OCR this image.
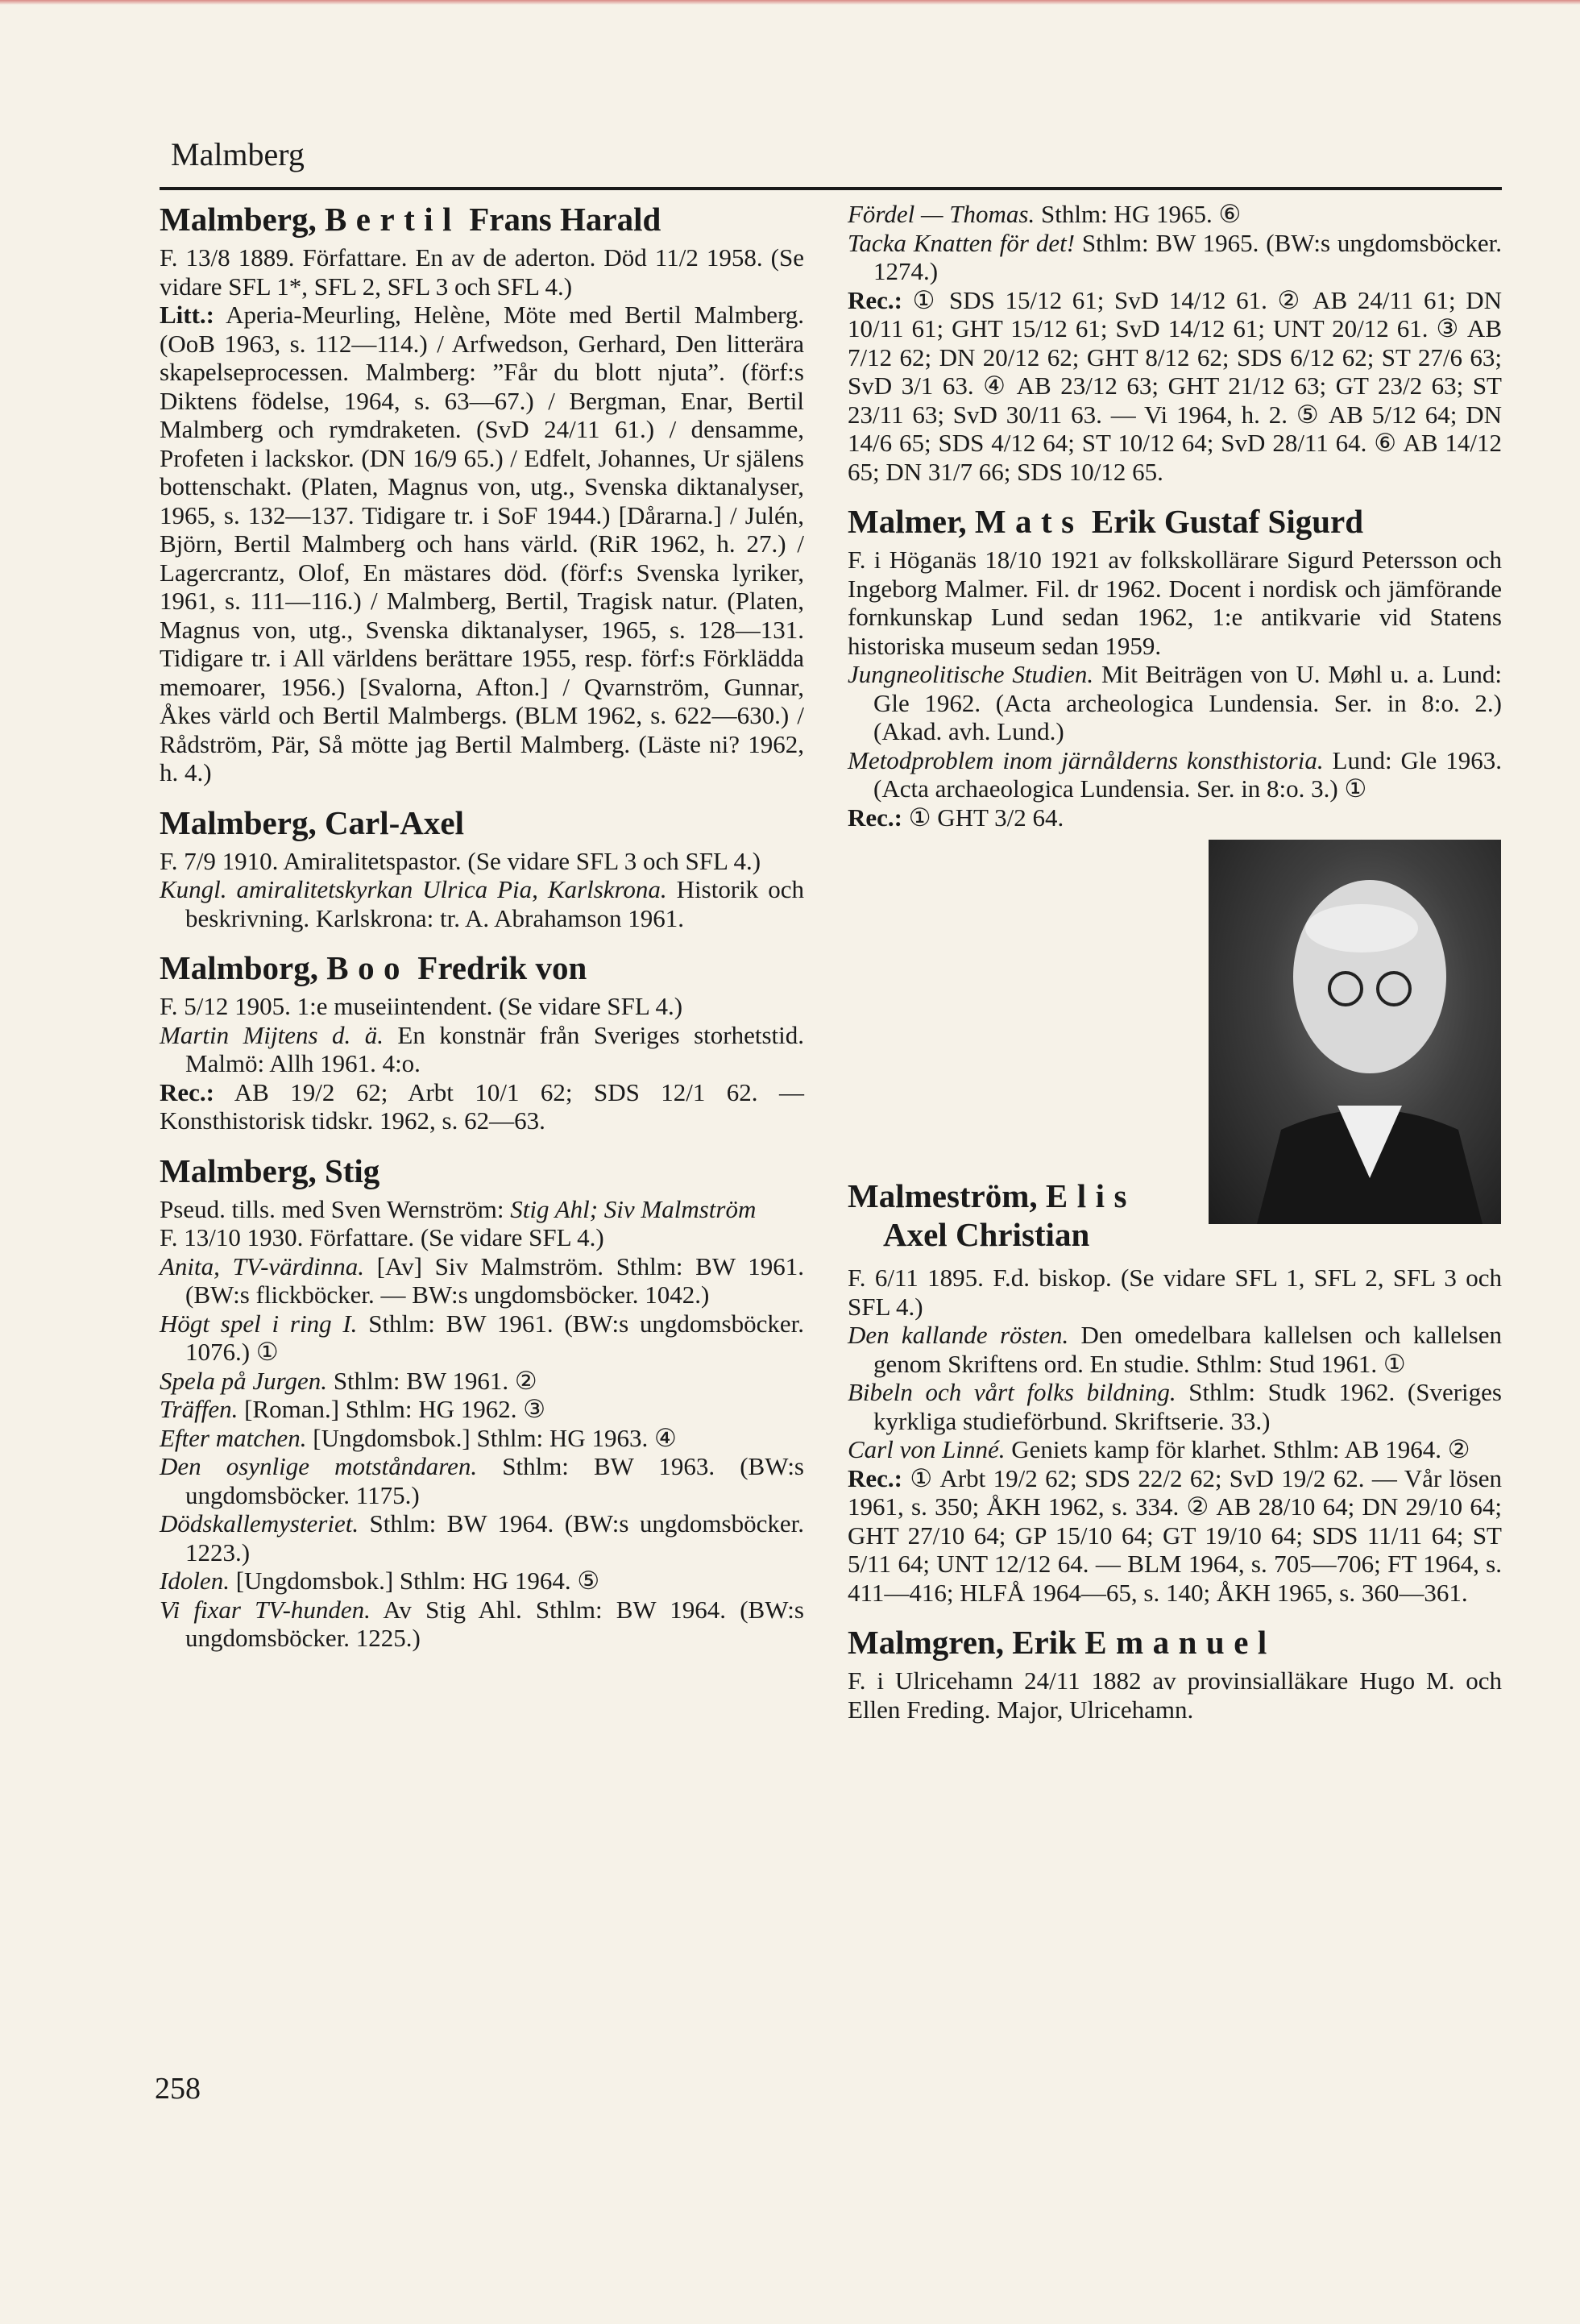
Malmberg
Malmberg, Bertil Frans Harald

F. 13/8 1889. Författare. En av de aderton. Död 11/2 1958. (Se vidare SFL 1*, SFL 2, SFL 3 och SFL 4.)

Litt.: Aperia-Meurling, Helène, Möte med Bertil Malmberg. (OoB 1963, s. 112—114.) / Arfwedson, Gerhard, Den litterära skapelseprocessen. Malmberg: ”Får du blott njuta”. (förf:s Diktens födelse, 1964, s. 63—67.) / Bergman, Enar, Bertil Malmberg och rymdraketen. (SvD 24/11 61.) / densamme, Profeten i lackskor. (DN 16/9 65.) / Edfelt, Johannes, Ur själens bottenschakt. (Platen, Magnus von, utg., Svenska diktanalyser, 1965, s. 132—137. Tidigare tr. i SoF 1944.) [Dårarna.] / Julén, Björn, Bertil Malmberg och hans värld. (RiR 1962, h. 27.) / Lagercrantz, Olof, En mästares död. (förf:s Svenska lyriker, 1961, s. 111—116.) / Malmberg, Bertil, Tragisk natur. (Platen, Magnus von, utg., Svenska diktanalyser, 1965, s. 128—131. Tidigare tr. i All världens berättare 1955, resp. förf:s Förklädda memoarer, 1956.) [Svalorna, Afton.] / Qvarnström, Gunnar, Åkes värld och Bertil Malmbergs. (BLM 1962, s. 622—630.) / Rådström, Pär, Så mötte jag Bertil Malmberg. (Läste ni? 1962, h. 4.)

Malmberg, Carl-Axel

F. 7/9 1910. Amiralitetspastor. (Se vidare SFL 3 och SFL 4.)

Kungl. amiralitetskyrkan Ulrica Pia, Karlskrona. Historik och beskrivning. Karlskrona: tr. A. Abrahamson 1961.

Malmborg, Boo Fredrik von

F. 5/12 1905. 1:e museiintendent. (Se vidare SFL 4.)

Martin Mijtens d. ä. En konstnär från Sveriges storhetstid. Malmö: Allh 1961. 4:o.

Rec.: AB 19/2 62; Arbt 10/1 62; SDS 12/1 62. — Konsthistorisk tidskr. 1962, s. 62—63.

Malmberg, Stig

Pseud. tills. med Sven Wernström: Stig Ahl; Siv Malmström

F. 13/10 1930. Författare. (Se vidare SFL 4.)

Anita, TV-värdinna. [Av] Siv Malmström. Sthlm: BW 1961. (BW:s flickböcker. — BW:s ungdomsböcker. 1042.)

Högt spel i ring I. Sthlm: BW 1961. (BW:s ungdomsböcker. 1076.) ①

Spela på Jurgen. Sthlm: BW 1961. ②

Träffen. [Roman.] Sthlm: HG 1962. ③

Efter matchen. [Ungdomsbok.] Sthlm: HG 1963. ④

Den osynlige motståndaren. Sthlm: BW 1963. (BW:s ungdomsböcker. 1175.)

Dödskallemysteriet. Sthlm: BW 1964. (BW:s ungdomsböcker. 1223.)

Idolen. [Ungdomsbok.] Sthlm: HG 1964. ⑤

Vi fixar TV-hunden. Av Stig Ahl. Sthlm: BW 1964. (BW:s ungdomsböcker. 1225.)

Fördel — Thomas. Sthlm: HG 1965. ⑥

Tacka Knatten för det! Sthlm: BW 1965. (BW:s ungdomsböcker. 1274.)

Rec.: ① SDS 15/12 61; SvD 14/12 61. ② AB 24/11 61; DN 10/11 61; GHT 15/12 61; SvD 14/12 61; UNT 20/12 61. ③ AB 7/12 62; DN 20/12 62; GHT 8/12 62; SDS 6/12 62; ST 27/6 63; SvD 3/1 63. ④ AB 23/12 63; GHT 21/12 63; GT 23/2 63; ST 23/11 63; SvD 30/11 63. — Vi 1964, h. 2. ⑤ AB 5/12 64; DN 14/6 65; SDS 4/12 64; ST 10/12 64; SvD 28/11 64. ⑥ AB 14/12 65; DN 31/7 66; SDS 10/12 65.

Malmer, Mats Erik Gustaf Sigurd

F. i Höganäs 18/10 1921 av folkskollärare Sigurd Petersson och Ingeborg Malmer. Fil. dr 1962. Docent i nordisk och jämförande fornkunskap Lund sedan 1962, 1:e antikvarie vid Statens historiska museum sedan 1959.

Jungneolitische Studien. Mit Beiträgen von U. Møhl u. a. Lund: Gle 1962. (Acta archeologica Lundensia. Ser. in 8:o. 2.) (Akad. avh. Lund.)

Metodproblem inom järnålderns konsthistoria. Lund: Gle 1963. (Acta archaeologica Lundensia. Ser. in 8:o. 3.) ①

Rec.: ① GHT 3/2 64.

Malmeström, Elis
Axel Christian

F. 6/11 1895. F.d. biskop. (Se vidare SFL 1, SFL 2, SFL 3 och SFL 4.)

Den kallande rösten. Den omedelbara kallelsen och kallelsen genom Skriftens ord. En studie. Sthlm: Stud 1961. ①

Bibeln och vårt folks bildning. Sthlm: Studk 1962. (Sveriges kyrkliga studieförbund. Skriftserie. 33.)

Carl von Linné. Geniets kamp för klarhet. Sthlm: AB 1964. ②

Rec.: ① Arbt 19/2 62; SDS 22/2 62; SvD 19/2 62. — Vår lösen 1961, s. 350; ÅKH 1962, s. 334. ② AB 28/10 64; DN 29/10 64; GHT 27/10 64; GP 15/10 64; GT 19/10 64; SDS 11/11 64; ST 5/11 64; UNT 12/12 64. — BLM 1964, s. 705—706; FT 1964, s. 411—416; HLFÅ 1964—65, s. 140; ÅKH 1965, s. 360—361.

Malmgren, Erik Emanuel

F. i Ulricehamn 24/11 1882 av provinsialläkare Hugo M. och Ellen Freding. Major, Ulricehamn.

258
